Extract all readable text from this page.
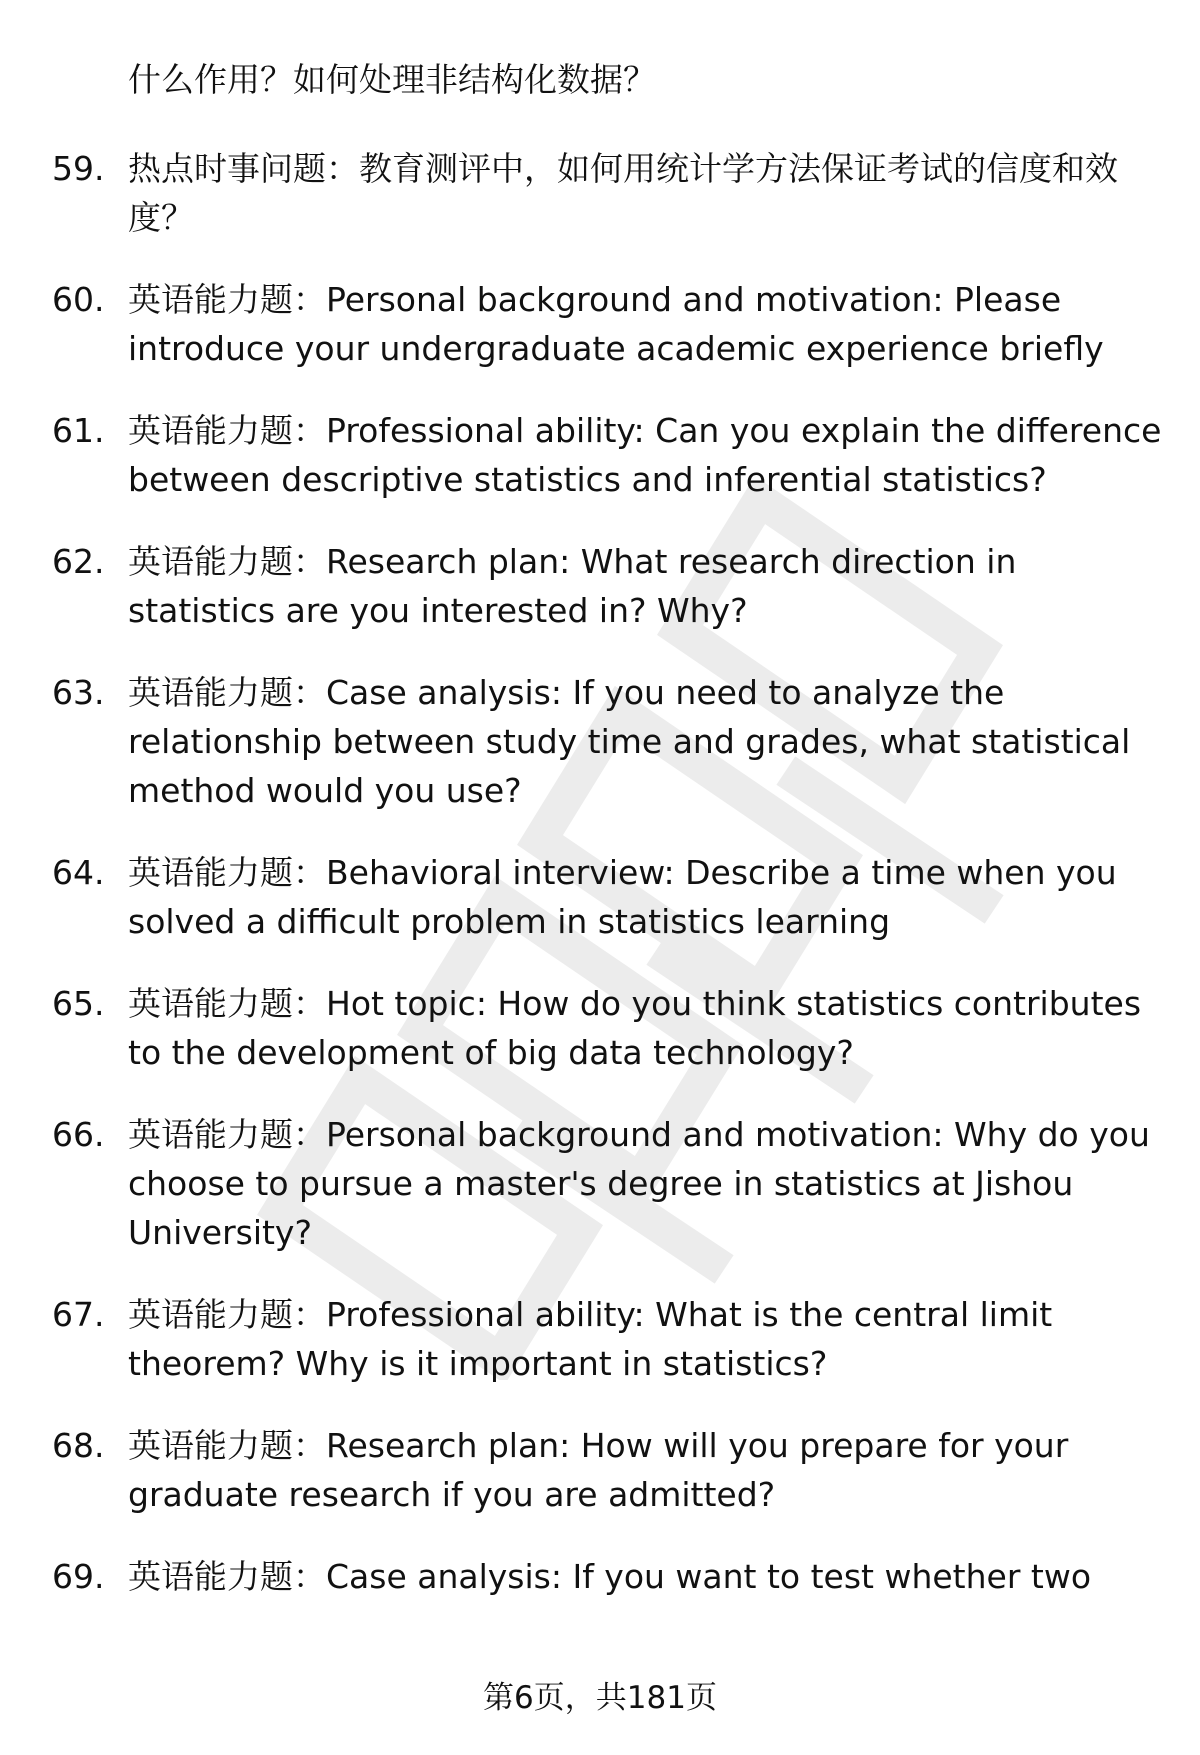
什么作用？如何处理非结构化数据？
59. 热点时事问题：教育测评中，如何用统计学方法保证考试的信度和效度？
60. 英语能力题：Personal background and motivation: Please introduce your undergraduate academic experience briefly
61. 英语能力题：Professional ability: Can you explain the difference between descriptive statistics and inferential statistics?
62. 英语能力题：Research plan: What research direction in statistics are you interested in? Why?
63. 英语能力题：Case analysis: If you need to analyze the relationship between study time and grades, what statistical method would you use?
64. 英语能力题：Behavioral interview: Describe a time when you solved a difficult problem in statistics learning
65. 英语能力题：Hot topic: How do you think statistics contributes to the development of big data technology?
66. 英语能力题：Personal background and motivation: Why do you choose to pursue a master's degree in statistics at Jishou University?
67. 英语能力题：Professional ability: What is the central limit theorem? Why is it important in statistics?
68. 英语能力题：Research plan: How will you prepare for your graduate research if you are admitted?
69. 英语能力题：Case analysis: If you want to test whether two
第6页，共181页
